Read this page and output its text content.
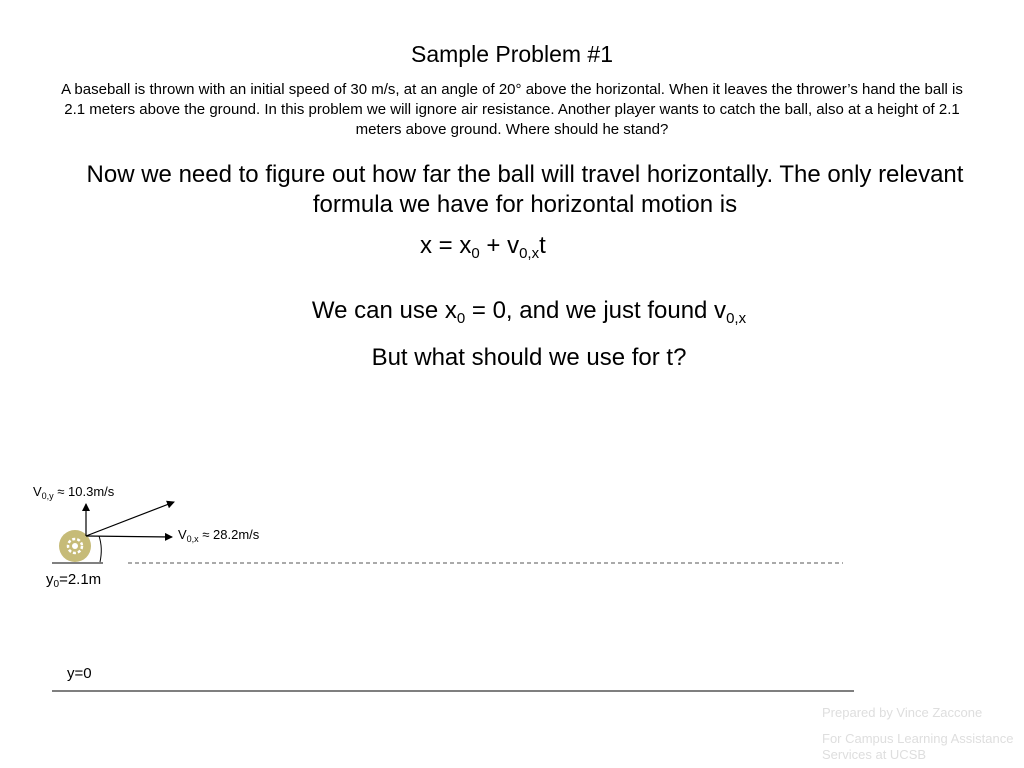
Sample Problem #1
A baseball is thrown with an initial speed of 30 m/s, at an angle of 20° above the horizontal. When it leaves the thrower’s hand the ball is 2.1 meters above the ground. In this problem we will ignore air resistance. Another player wants to catch the ball, also at a height of 2.1 meters above ground. Where should he stand?
Now we need to figure out how far the ball will travel horizontally. The only relevant formula we have for horizontal motion is
$x = x_0 + v_{0,x}t$
We can use $x_0 = 0$, and we just found $v_{0,x}$
But what should we use for t?
$V_{0,y} \approx 10.3m/s$
$V_{0,x} \approx 28.2m/s$
$y_0=2.1m$
y=0
Prepared by Vince Zaccone
For Campus Learning Assistance Services at UCSB
